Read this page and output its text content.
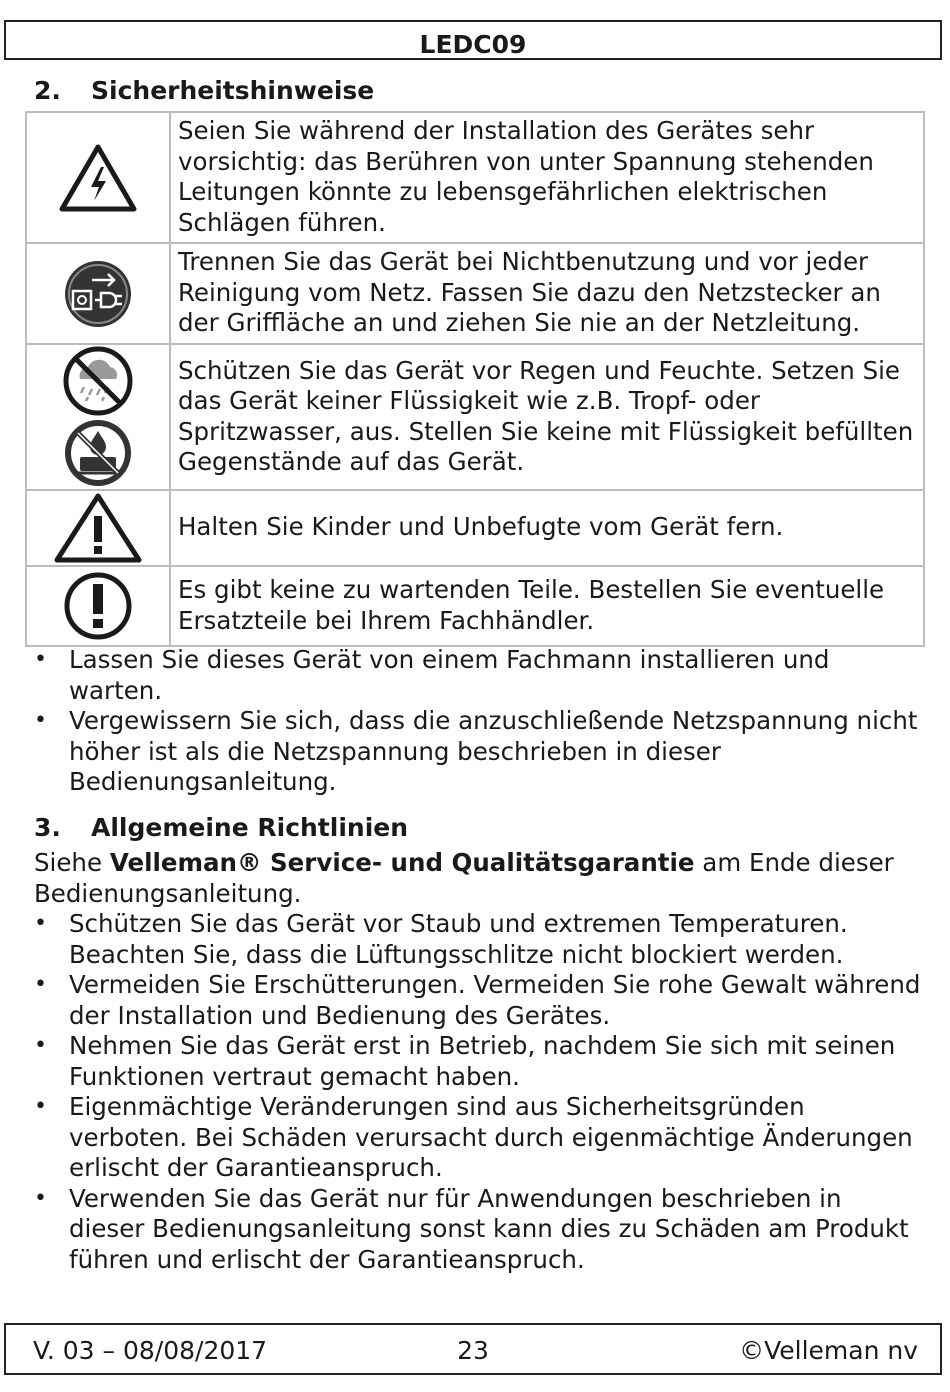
LEDC09
2. Sicherheitshinweise
	Seien Sie während der Installation des Gerätes sehr vorsichtig: das Berühren von unter Spannung stehenden Leitungen könnte zu lebensgefährlichen elektrischen Schlägen führen.
	Trennen Sie das Gerät bei Nichtbenutzung und vor jeder Reinigung vom Netz. Fassen Sie dazu den Netzstecker an der Griffläche an und ziehen Sie nie an der Netzleitung.
	Schützen Sie das Gerät vor Regen und Feuchte. Setzen Sie das Gerät keiner Flüssigkeit wie z.B. Tropf- oder Spritzwasser, aus. Stellen Sie keine mit Flüssigkeit befüllten Gegenstände auf das Gerät.
	Halten Sie Kinder und Unbefugte vom Gerät fern.
	Es gibt keine zu wartenden Teile. Bestellen Sie eventuelle Ersatzteile bei Ihrem Fachhändler.
• Lassen Sie dieses Gerät von einem Fachmann installieren und warten.
• Vergewissern Sie sich, dass die anzuschließende Netzspannung nicht höher ist als die Netzspannung beschrieben in dieser Bedienungsanleitung.
3. Allgemeine Richtlinien

Siehe Velleman® Service- und Qualitätsgarantie am Ende dieser Bedienungsanleitung.

• Schützen Sie das Gerät vor Staub und extremen Temperaturen. Beachten Sie, dass die Lüftungsschlitze nicht blockiert werden.
• Vermeiden Sie Erschütterungen. Vermeiden Sie rohe Gewalt während der Installation und Bedienung des Gerätes.
• Nehmen Sie das Gerät erst in Betrieb, nachdem Sie sich mit seinen Funktionen vertraut gemacht haben.
• Eigenmächtige Veränderungen sind aus Sicherheitsgründen verboten. Bei Schäden verursacht durch eigenmächtige Änderungen erlischt der Garantieanspruch.
• Verwenden Sie das Gerät nur für Anwendungen beschrieben in dieser Bedienungsanleitung sonst kann dies zu Schäden am Produkt führen und erlischt der Garantieanspruch.
V. 03 – 08/08/2017	23	©Velleman nv
